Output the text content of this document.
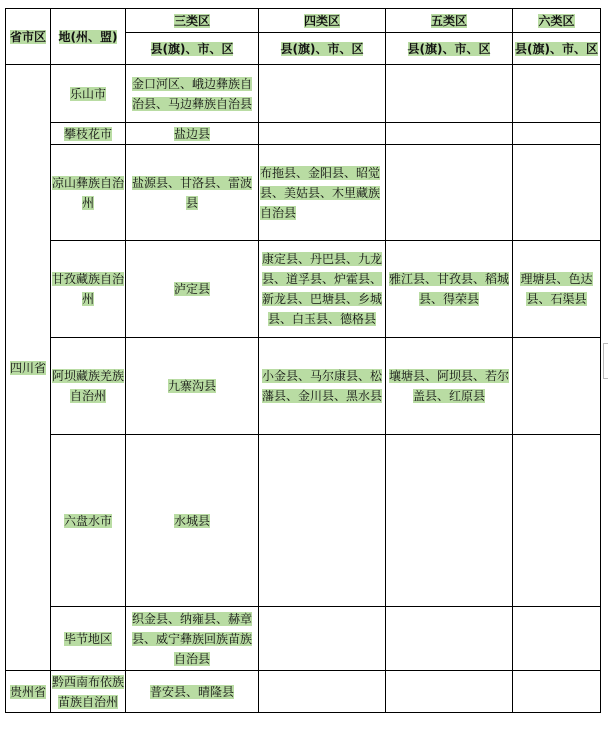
省市区	地(州、盟)	三类区	四类区	五类区	六类区
		县(旗)、市、区	县(旗)、市、区	县(旗)、市、区	县(旗)、市、区
四川省	乐山市	金口河区、峨边彝族自治县、马边彝族自治县			
	攀枝花市	盐边县			
	凉山彝族自治州	盐源县、甘洛县、雷波县	布拖县、金阳县、昭觉县、美姑县、木里藏族自治县		
	甘孜藏族自治州	泸定县	康定县、丹巴县、九龙县、道孚县、炉霍县、新龙县、巴塘县、乡城县、白玉县、德格县	雅江县、甘孜县、稻城县、得荣县	理塘县、色达县、石渠县
	阿坝藏族羌族自治州	九寨沟县	小金县、马尔康县、松藩县、金川县、黑水县	壤塘县、阿坝县、若尔盖县、红原县	
	六盘水市	水城县			
	毕节地区	织金县、纳雍县、赫章县、威宁彝族回族苗族自治县			
贵州省	黔西南布依族苗族自治州	普安县、晴隆县			
